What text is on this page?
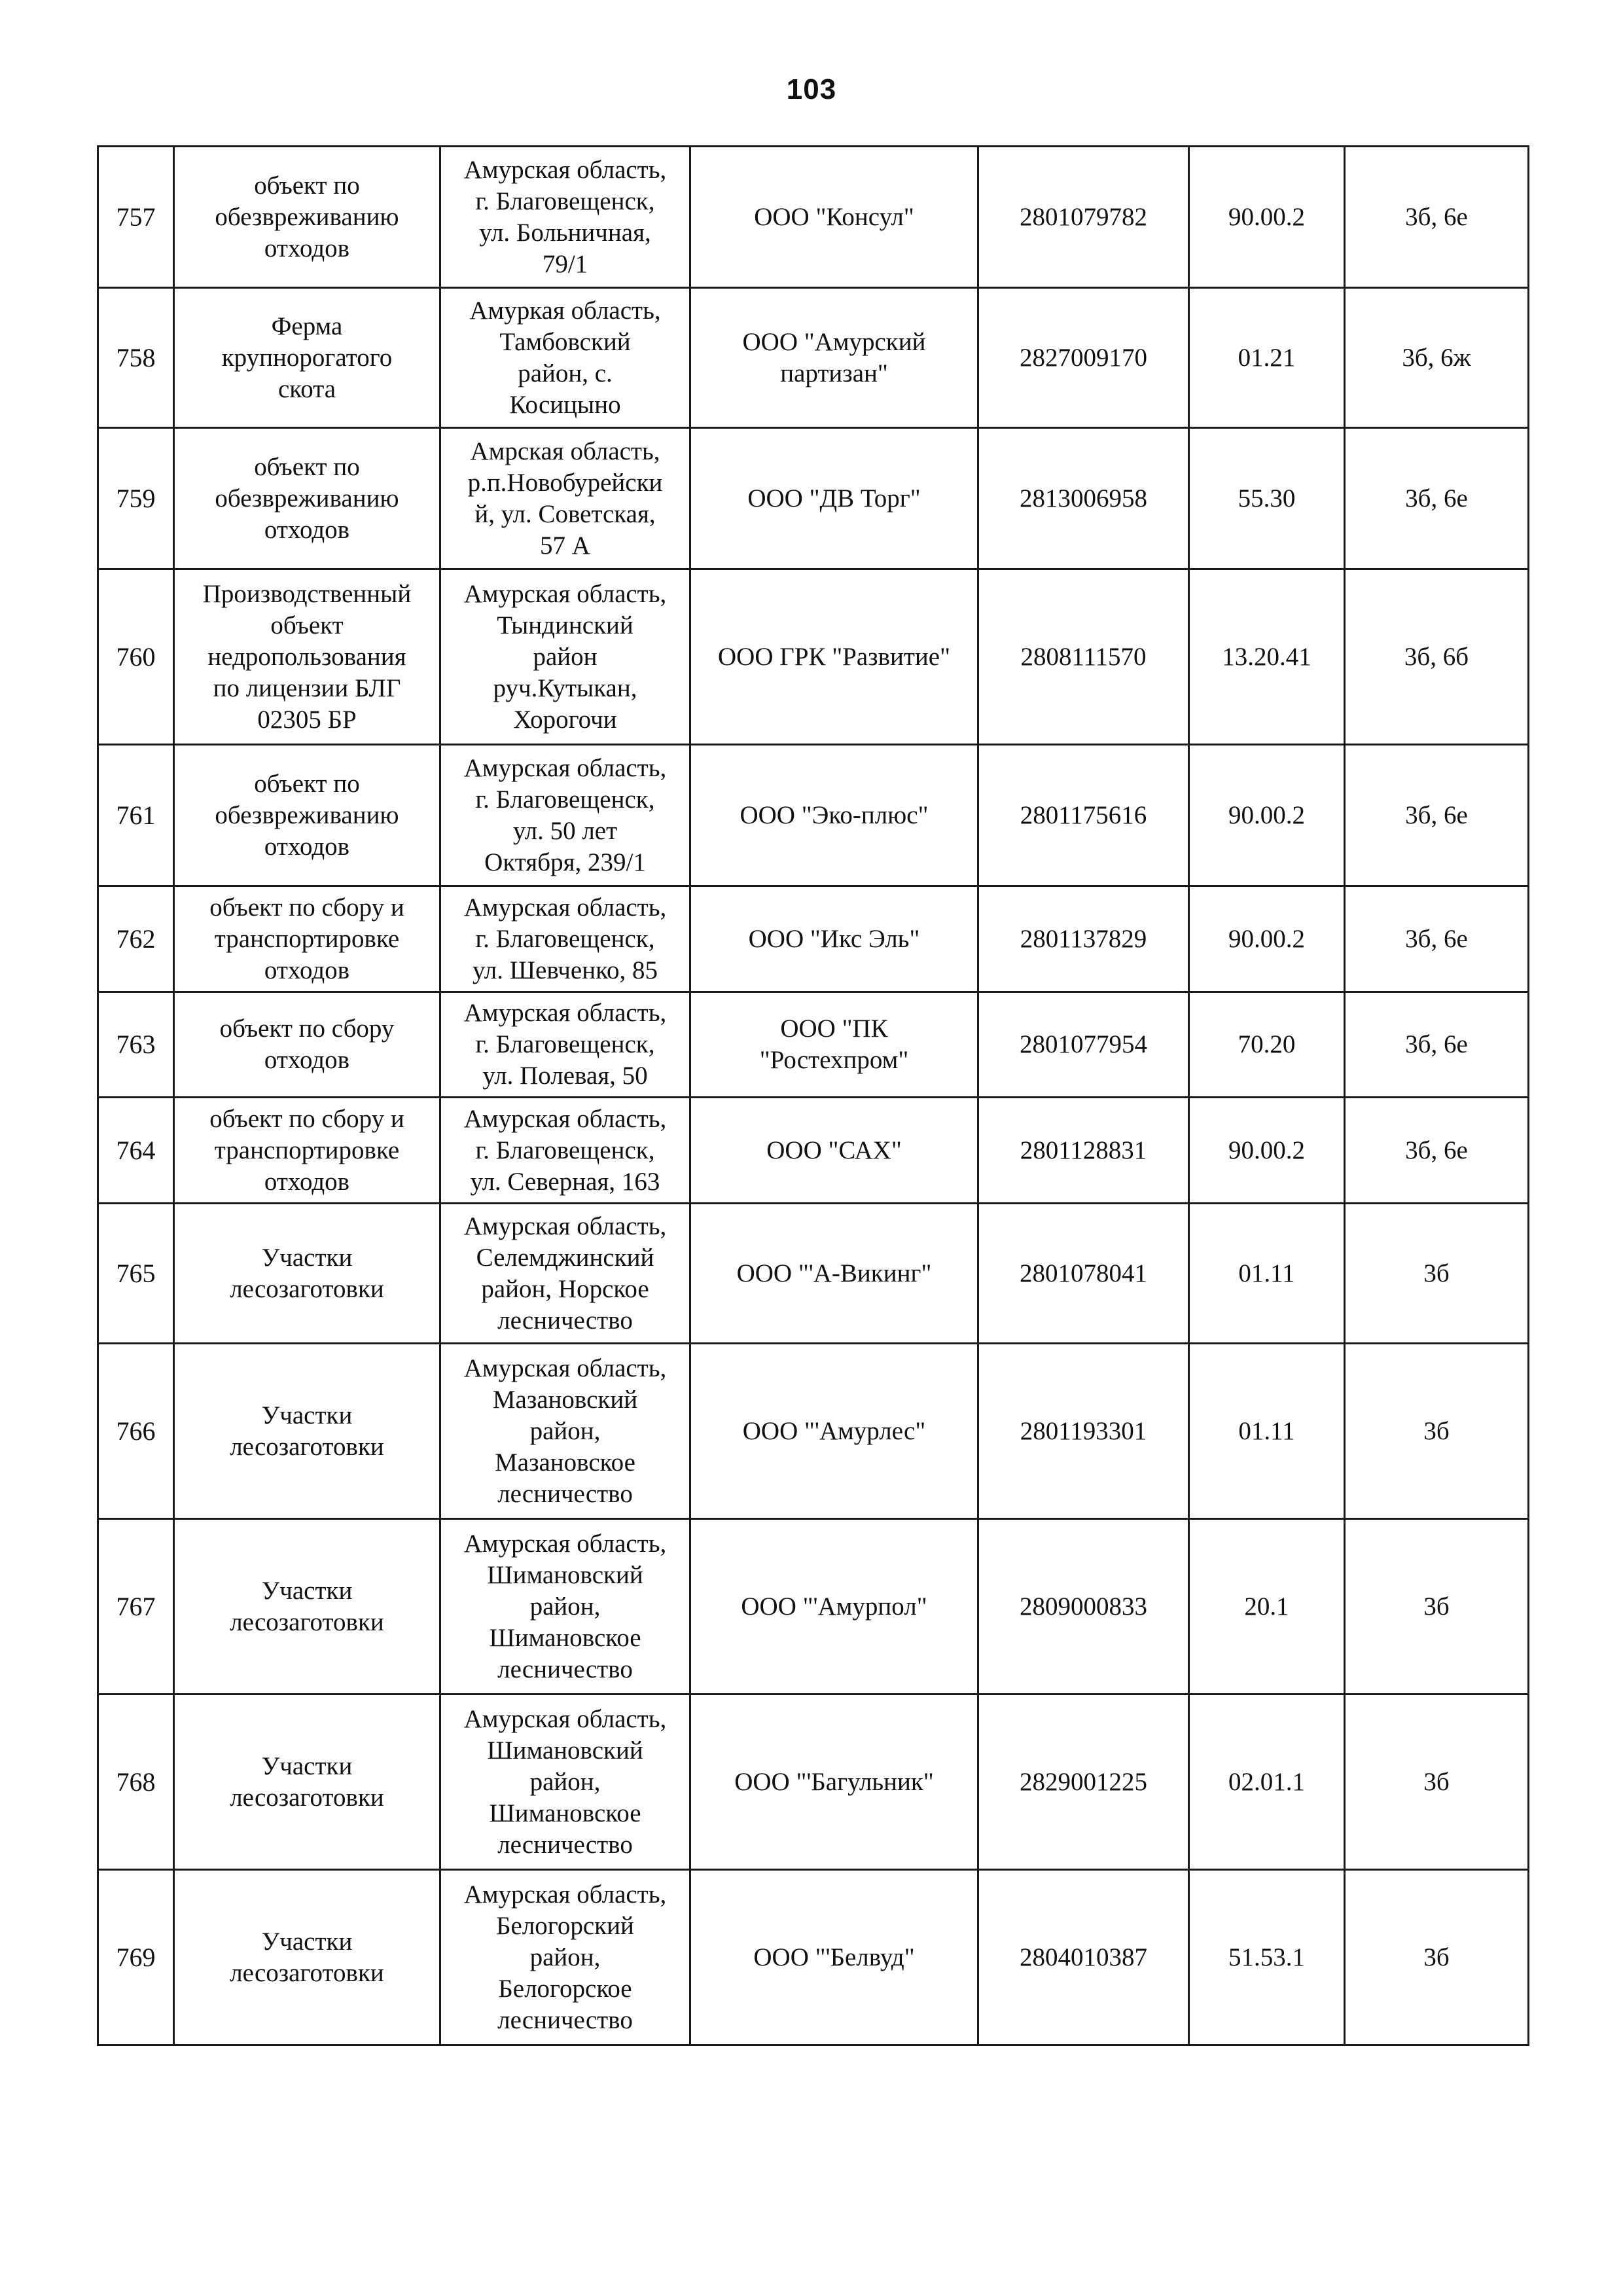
103
757	объект по
обезвреживанию
отходов	Амурская область,
г. Благовещенск,
ул. Больничная,
79/1	ООО "Консул"	2801079782	90.00.2	3б, 6е
758	Ферма
крупнорогатого
скота	Амуркая область,
Тамбовский
район, с.
Косицыно	ООО "Амурский
партизан"	2827009170	01.21	3б, 6ж
759	объект по
обезвреживанию
отходов	Амрская область,
р.п.Новобурейски
й, ул. Советская,
57 А	ООО "ДВ Торг"	2813006958	55.30	3б, 6е
760	Производственный
объект
недропользования
по лицензии БЛГ
02305 БР	Амурская область,
Тындинский
район
руч.Кутыкан,
Хорогочи	ООО ГРК "Развитие"	2808111570	13.20.41	3б, 6б
761	объект по
обезвреживанию
отходов	Амурская область,
г. Благовещенск,
ул. 50 лет
Октября, 239/1	ООО "Эко-плюс"	2801175616	90.00.2	3б, 6е
762	объект по сбору и
транспортировке
отходов	Амурская область,
г. Благовещенск,
ул. Шевченко, 85	ООО "Икс Эль"	2801137829	90.00.2	3б, 6е
763	объект по сбору
отходов	Амурская область,
г. Благовещенск,
ул. Полевая, 50	ООО "ПК
"Ростехпром"	2801077954	70.20	3б, 6е
764	объект по сбору и
транспортировке
отходов	Амурская область,
г. Благовещенск,
ул. Северная, 163	ООО "САХ"	2801128831	90.00.2	3б, 6е
765	Участки
лесозаготовки	Амурская область,
Селемджинский
район, Норское
лесничество	ООО "'А-Викинг"	2801078041	01.11	3б
766	Участки
лесозаготовки	Амурская область,
Мазановский
район,
Мазановское
лесничество	ООО "'Амурлес"	2801193301	01.11	3б
767	Участки
лесозаготовки	Амурская область,
Шимановский
район,
Шимановское
лесничество	ООО "'Амурпол"	2809000833	20.1	3б
768	Участки
лесозаготовки	Амурская область,
Шимановский
район,
Шимановское
лесничество	ООО "'Багульник"	2829001225	02.01.1	3б
769	Участки
лесозаготовки	Амурская область,
Белогорский
район,
Белогорское
лесничество	ООО "'Белвуд"	2804010387	51.53.1	3б
